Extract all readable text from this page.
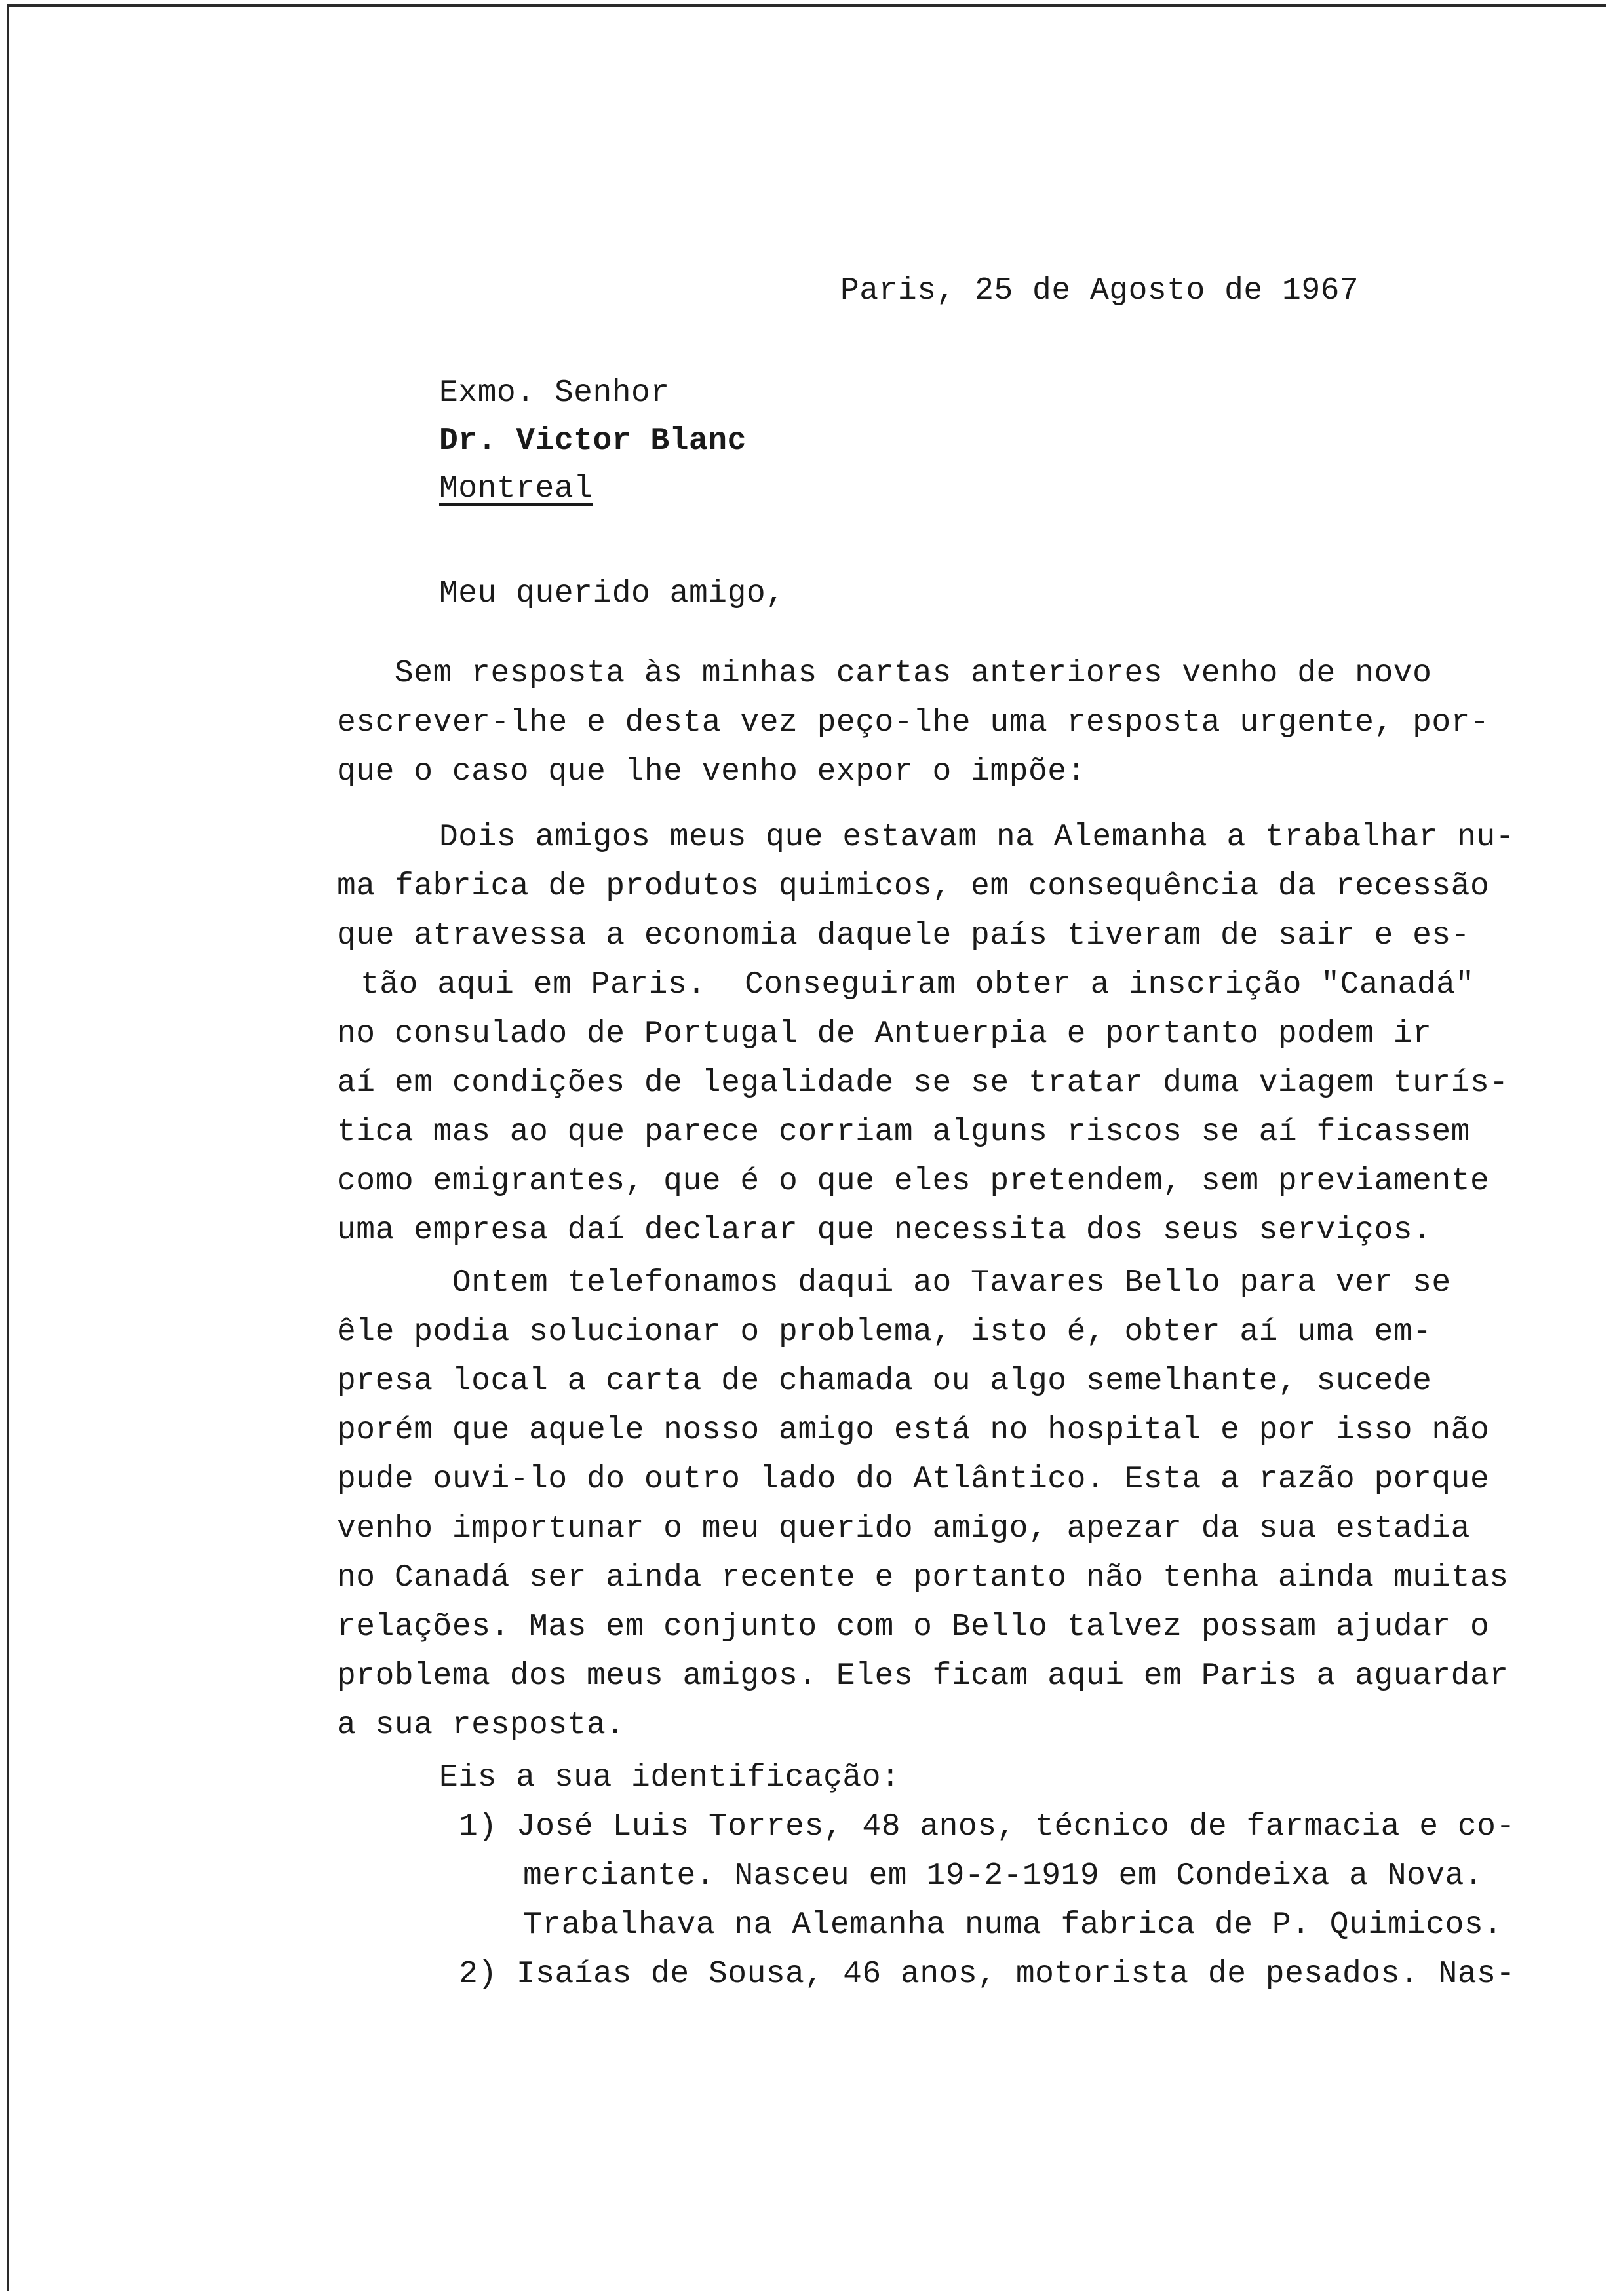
Paris, 25 de Agosto de 1967
Exmo. Senhor
Dr. Victor Blanc
Montreal
Meu querido amigo,
Sem resposta às minhas cartas anteriores venho de novo
escrever-lhe e desta vez peço-lhe uma resposta urgente, por-
que o caso que lhe venho expor o impõe:
Dois amigos meus que estavam na Alemanha a trabalhar nu-
ma fabrica de produtos quimicos, em consequência da recessão
que atravessa a economia daquele país tiveram de sair e es-
tão aqui em Paris.  Conseguiram obter a inscrição "Canadá"
no consulado de Portugal de Antuerpia e portanto podem ir
aí em condições de legalidade se se tratar duma viagem turís-
tica mas ao que parece corriam alguns riscos se aí ficassem
como emigrantes, que é o que eles pretendem, sem previamente
uma empresa daí declarar que necessita dos seus serviços.
Ontem telefonamos daqui ao Tavares Bello para ver se
êle podia solucionar o problema, isto é, obter aí uma em-
presa local a carta de chamada ou algo semelhante, sucede
porém que aquele nosso amigo está no hospital e por isso não
pude ouvi-lo do outro lado do Atlântico. Esta a razão porque
venho importunar o meu querido amigo, apezar da sua estadia
no Canadá ser ainda recente e portanto não tenha ainda muitas
relações. Mas em conjunto com o Bello talvez possam ajudar o
problema dos meus amigos. Eles ficam aqui em Paris a aguardar
a sua resposta.
Eis a sua identificação:
1) José Luis Torres, 48 anos, técnico de farmacia e co-
merciante. Nasceu em 19-2-1919 em Condeixa a Nova.
Trabalhava na Alemanha numa fabrica de P. Quimicos.
2) Isaías de Sousa, 46 anos, motorista de pesados. Nas-
